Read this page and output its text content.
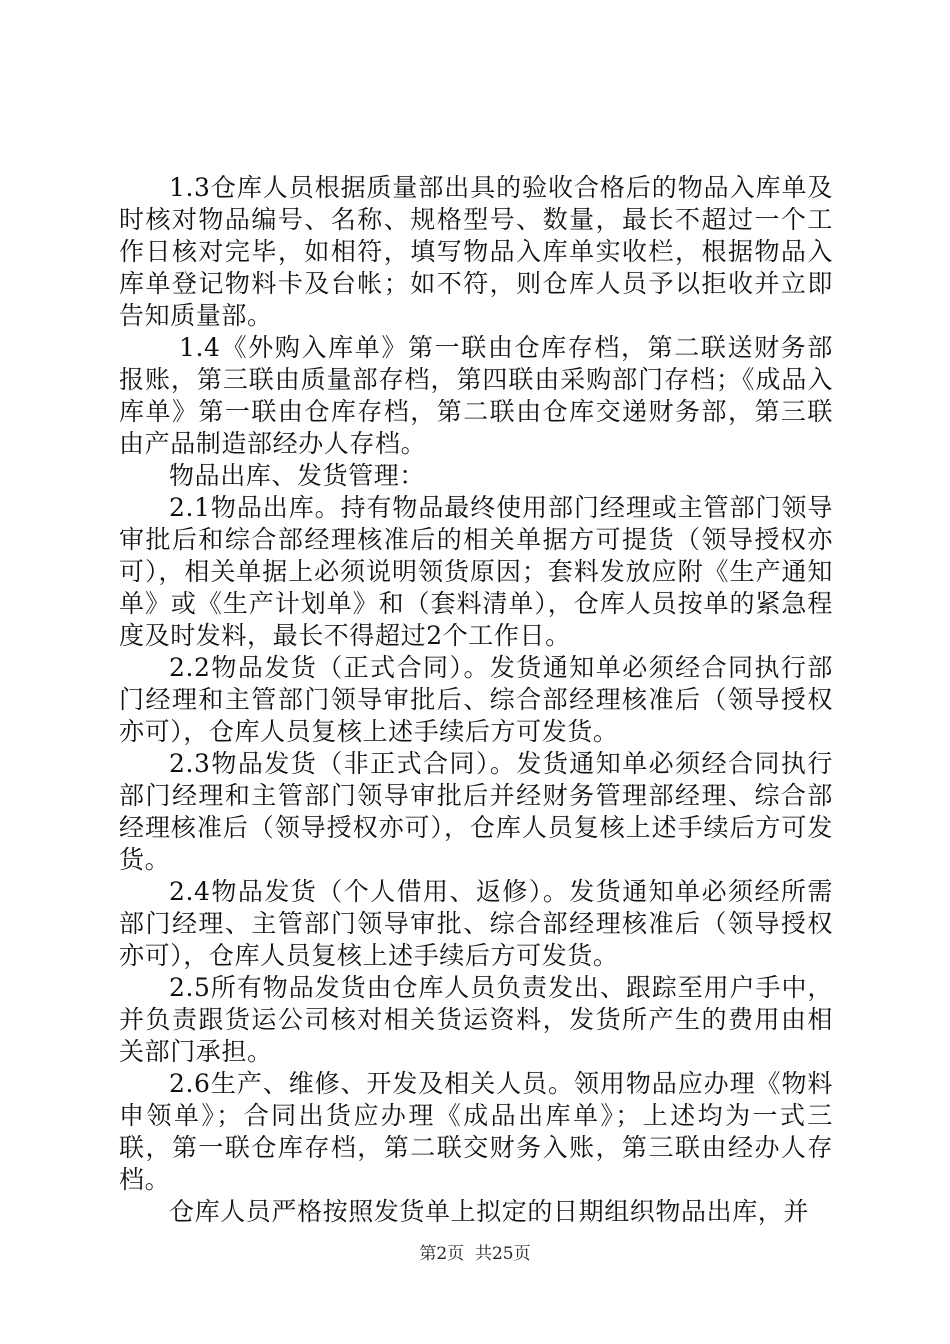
1.3仓库人员根据质量部出具的验收合格后的物品入库单及时核对物品编号、名称、规格型号、数量，最长不超过一个工作日核对完毕，如相符，填写物品入库单实收栏，根据物品入库单登记物料卡及台帐；如不符，则仓库人员予以拒收并立即告知质量部。

1.4《外购入库单》第一联由仓库存档，第二联送财务部报账，第三联由质量部存档，第四联由采购部门存档；《成品入库单》第一联由仓库存档，第二联由仓库交递财务部，第三联由产品制造部经办人存档。

物品出库、发货管理：

2.1物品出库。持有物品最终使用部门经理或主管部门领导审批后和综合部经理核准后的相关单据方可提货（领导授权亦可），相关单据上必须说明领货原因；套料发放应附《生产通知单》或《生产计划单》和（套料清单），仓库人员按单的紧急程度及时发料，最长不得超过2个工作日。

2.2物品发货（正式合同）。发货通知单必须经合同执行部门经理和主管部门领导审批后、综合部经理核准后（领导授权亦可），仓库人员复核上述手续后方可发货。

2.3物品发货（非正式合同）。发货通知单必须经合同执行部门经理和主管部门领导审批后并经财务管理部经理、综合部经理核准后（领导授权亦可），仓库人员复核上述手续后方可发货。

2.4物品发货（个人借用、返修）。发货通知单必须经所需部门经理、主管部门领导审批、综合部经理核准后（领导授权亦可），仓库人员复核上述手续后方可发货。

2.5所有物品发货由仓库人员负责发出、跟踪至用户手中，并负责跟货运公司核对相关货运资料，发货所产生的费用由相关部门承担。

2.6生产、维修、开发及相关人员。领用物品应办理《物料申领单》；合同出货应办理《成品出库单》；上述均为一式三联，第一联仓库存档，第二联交财务入账，第三联由经办人存档。

仓库人员严格按照发货单上拟定的日期组织物品出库，并

第2页  共25页
